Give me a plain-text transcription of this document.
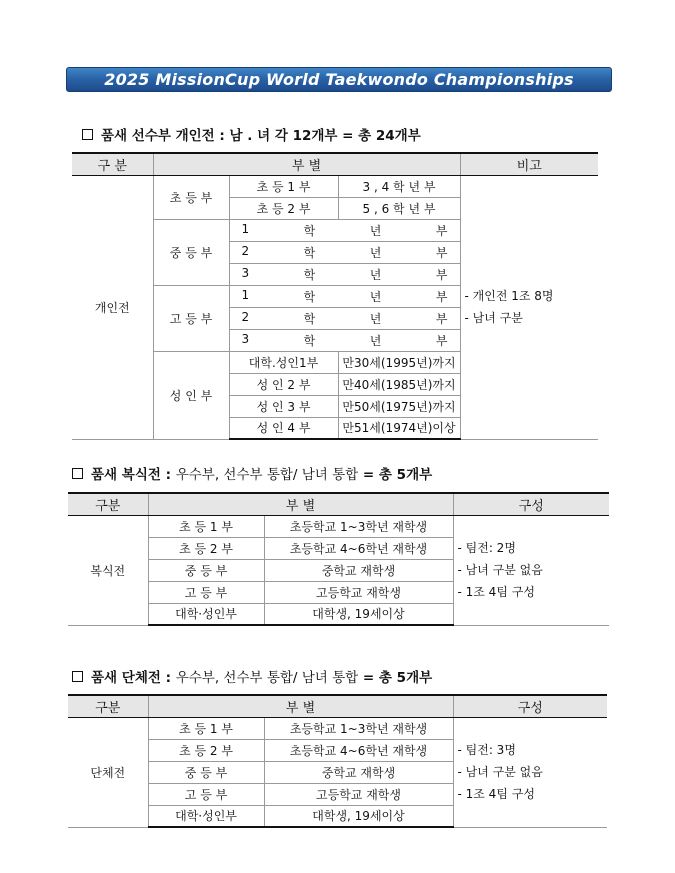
2025 MissionCup World Taekwondo Championships
품새 선수부 개인전 : 남 . 녀 각 12개부 = 총 24개부
구 분	부 별			비고
개인전	초 등 부	초 등 1 부	3 , 4 학 년 부	- 개인전 1조 8명
- 남녀 구분

		초 등 2 부	5 , 6 학 년 부	
	중 등 부	1 학 년 부		

		2 학 년 부		

		3 학 년 부		

	고 등 부	1 학 년 부		

		2 학 년 부		

		3 학 년 부		

	성 인 부	대학.성인1부	만30세(1995년)까지	
		성 인 2 부	만40세(1985년)까지	
		성 인 3 부	만50세(1975년)까지	
		성 인 4 부	만51세(1974년)이상	
품새 복식전 :
우수부, 선수부 통합/ 남녀 통합
= 총 5개부
구분	부 별		구성
복식전	초 등 1 부	초등학교 1~3학년 재학생	- 팀전: 2명
- 남녀 구분 없음
- 1조 4팀 구성

	초 등 2 부	초등학교 4~6학년 재학생	
	중 등 부	중학교 재학생	
	고 등 부	고등학교 재학생	
	대학·성인부	대학생, 19세이상	
품새 단체전 :
우수부, 선수부 통합/ 남녀 통합
= 총 5개부
구분	부 별		구성
단체전	초 등 1 부	초등학교 1~3학년 재학생	- 팀전: 3명
- 남녀 구분 없음
- 1조 4팀 구성

	초 등 2 부	초등학교 4~6학년 재학생	
	중 등 부	중학교 재학생	
	고 등 부	고등학교 재학생	
	대학·성인부	대학생, 19세이상	
